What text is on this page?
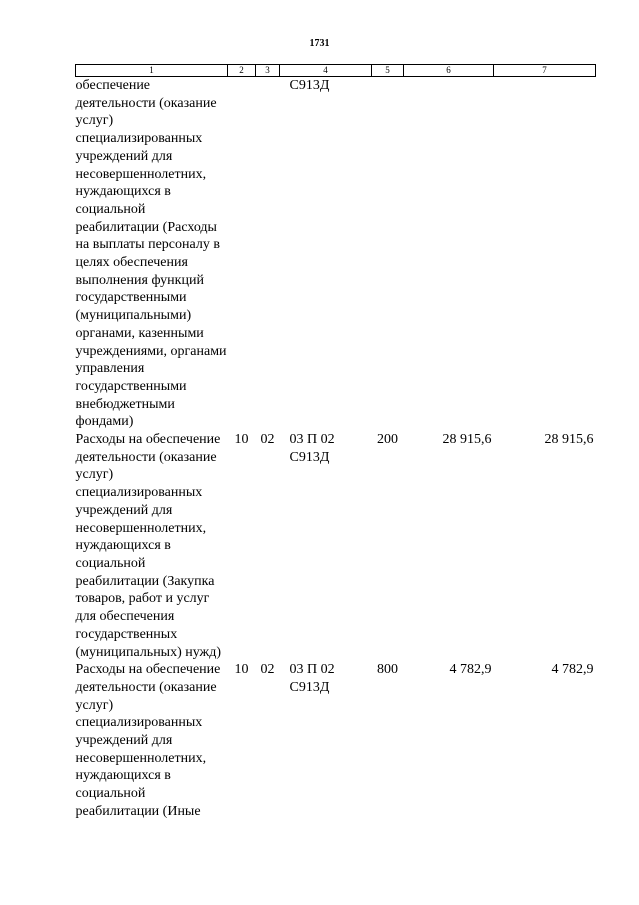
1731
1	2	3	4	5	6	7
обеспечение деятельности (оказание услуг) специализированных учреждений для несовершеннолетних, нуждающихся в социальной реабилитации (Расходы на выплаты персоналу в целях обеспечения выполнения функций государственными (муниципальными) органами, казенными учреждениями, органами управления государственными внебюджетными фондами)			С913Д			
Расходы на обеспечение деятельности (оказание услуг) специализированных учреждений для несовершеннолетних, нуждающихся в социальной реабилитации (Закупка товаров, работ и услуг для обеспечения государственных (муниципальных) нужд)	10	02	03 П 02 С913Д	200	28 915,6	28 915,6
Расходы на обеспечение деятельности (оказание услуг) специализированных учреждений для несовершеннолетних, нуждающихся в социальной реабилитации (Иные	10	02	03 П 02 С913Д	800	4 782,9	4 782,9
